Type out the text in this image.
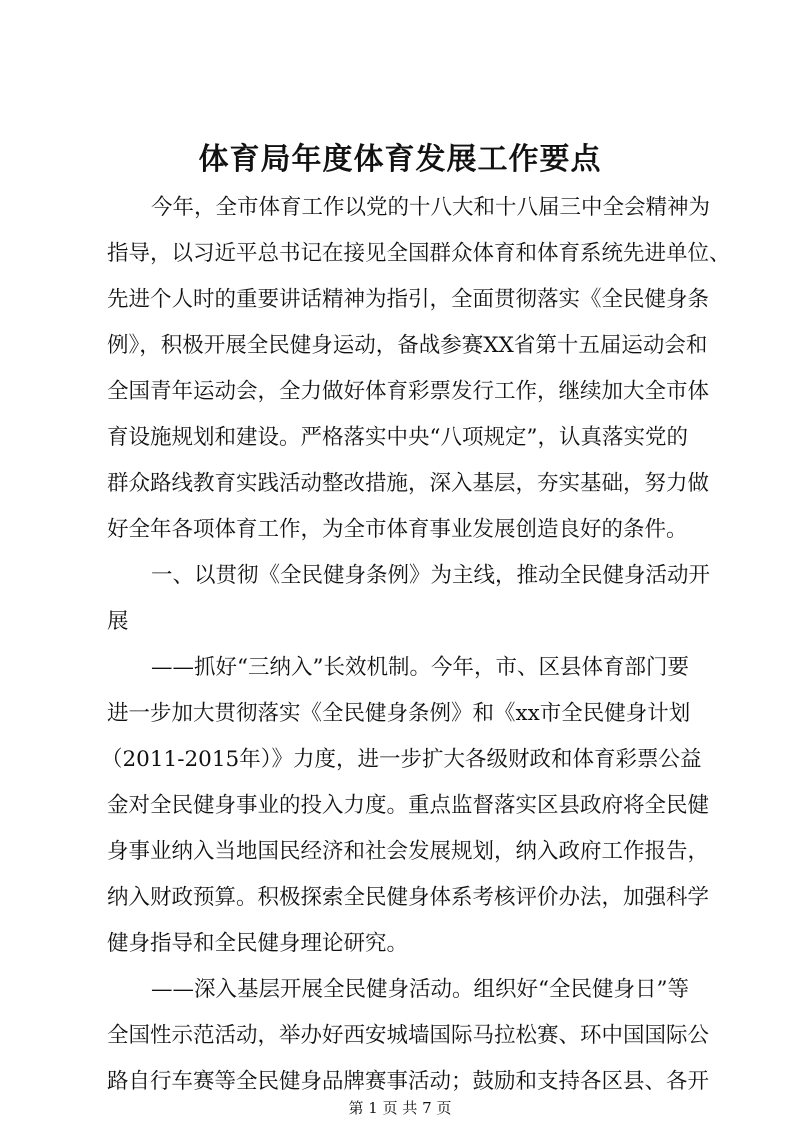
体育局年度体育发展工作要点
今年，全市体育工作以党的十八大和十八届三中全会精神为
指导，以习近平总书记在接见全国群众体育和体育系统先进单位、
先进个人时的重要讲话精神为指引，全面贯彻落实《全民健身条
例》，积极开展全民健身运动，备战参赛XX省第十五届运动会和
全国青年运动会，全力做好体育彩票发行工作，继续加大全市体
育设施规划和建设。严格落实中央“八项规定”，认真落实党的
群众路线教育实践活动整改措施，深入基层，夯实基础，努力做
好全年各项体育工作，为全市体育事业发展创造良好的条件。
一、以贯彻《全民健身条例》为主线，推动全民健身活动开
展
——抓好“三纳入”长效机制。今年，市、区县体育部门要
进一步加大贯彻落实《全民健身条例》和《xx市全民健身计划
（2011-2015年）》力度，进一步扩大各级财政和体育彩票公益
金对全民健身事业的投入力度。重点监督落实区县政府将全民健
身事业纳入当地国民经济和社会发展规划，纳入政府工作报告，
纳入财政预算。积极探索全民健身体系考核评价办法，加强科学
健身指导和全民健身理论研究。
——深入基层开展全民健身活动。组织好“全民健身日”等
全国性示范活动，举办好西安城墙国际马拉松赛、环中国国际公
路自行车赛等全民健身品牌赛事活动；鼓励和支持各区县、各开
第 1 页 共 7 页
